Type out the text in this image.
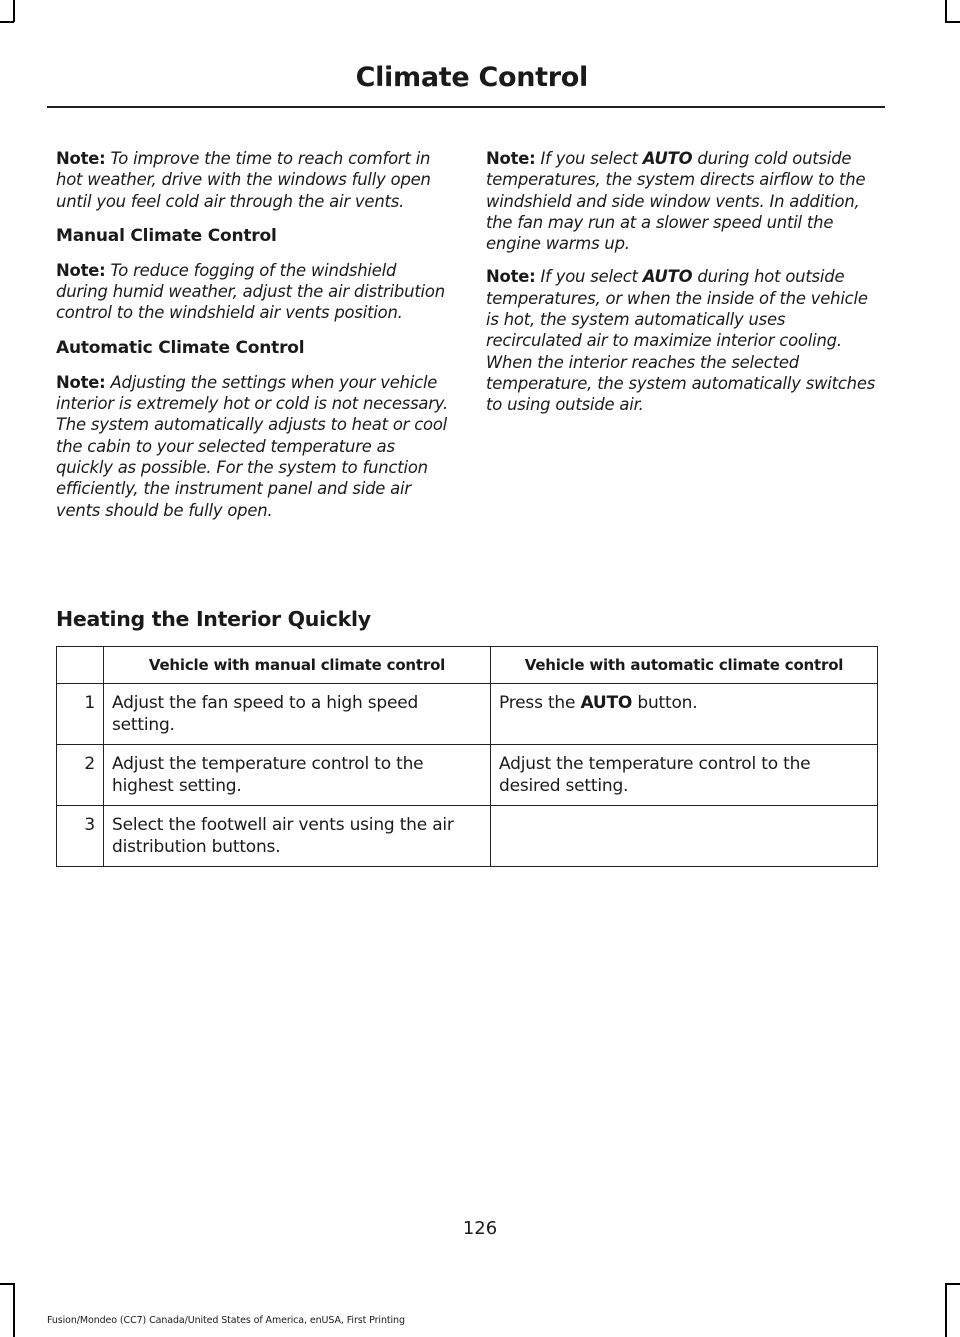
Climate Control

Note: To improve the time to reach comfort in hot weather, drive with the windows fully open until you feel cold air through the air vents.

Manual Climate Control

Note: To reduce fogging of the windshield during humid weather, adjust the air distribution control to the windshield air vents position.

Automatic Climate Control

Note: Adjusting the settings when your vehicle interior is extremely hot or cold is not necessary. The system automatically adjusts to heat or cool the cabin to your selected temperature as quickly as possible. For the system to function efficiently, the instrument panel and side air vents should be fully open.

Note: If you select AUTO during cold outside temperatures, the system directs airflow to the windshield and side window vents. In addition, the fan may run at a slower speed until the engine warms up.

Note: If you select AUTO during hot outside temperatures, or when the inside of the vehicle is hot, the system automatically uses recirculated air to maximize interior cooling. When the interior reaches the selected temperature, the system automatically switches to using outside air.

Heating the Interior Quickly
	Vehicle with manual climate control	Vehicle with automatic climate control
1	Adjust the fan speed to a high speed setting.	Press the AUTO button.
2	Adjust the temperature control to the highest setting.	Adjust the temperature control to the desired setting.
3	Select the footwell air vents using the air distribution buttons.	

126

Fusion/Mondeo (CC7) Canada/United States of America, enUSA, First Printing
